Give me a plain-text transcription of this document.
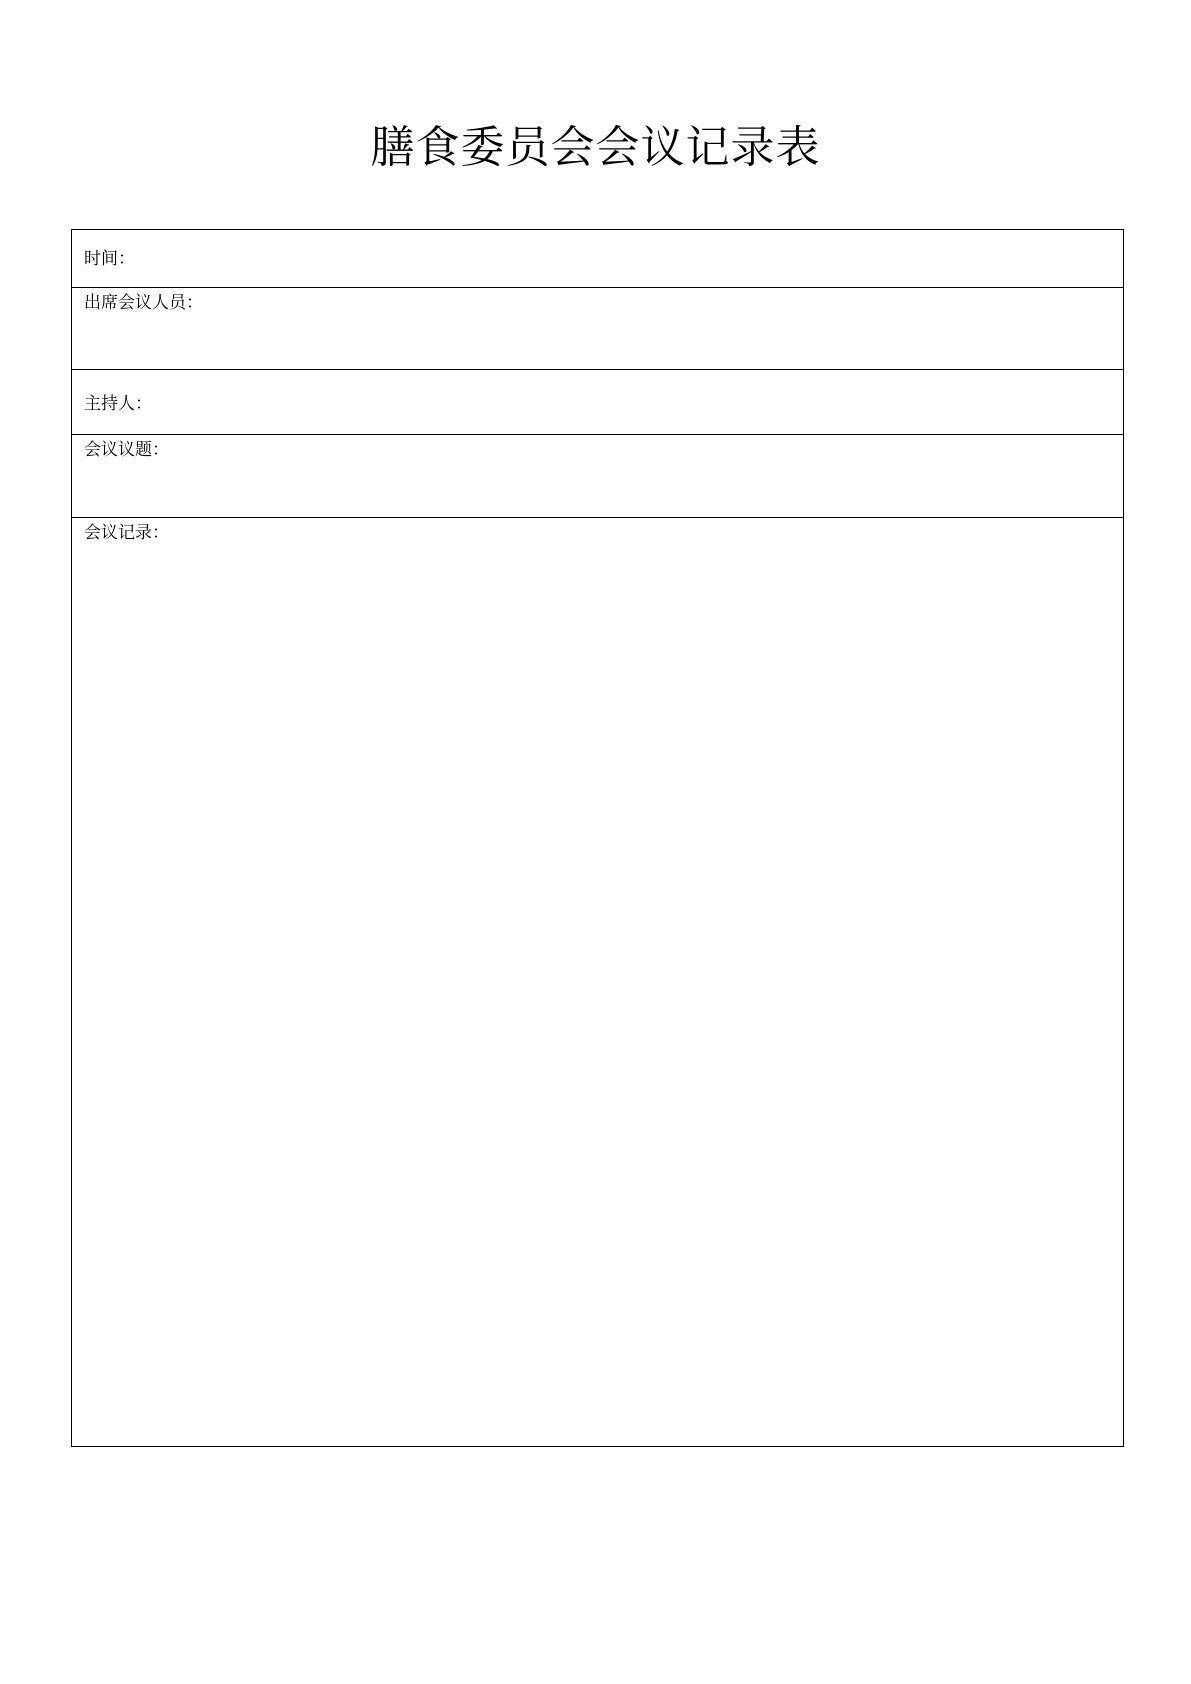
膳食委员会会议记录表
时间：
出席会议人员：
主持人：
会议议题：
会议记录：
